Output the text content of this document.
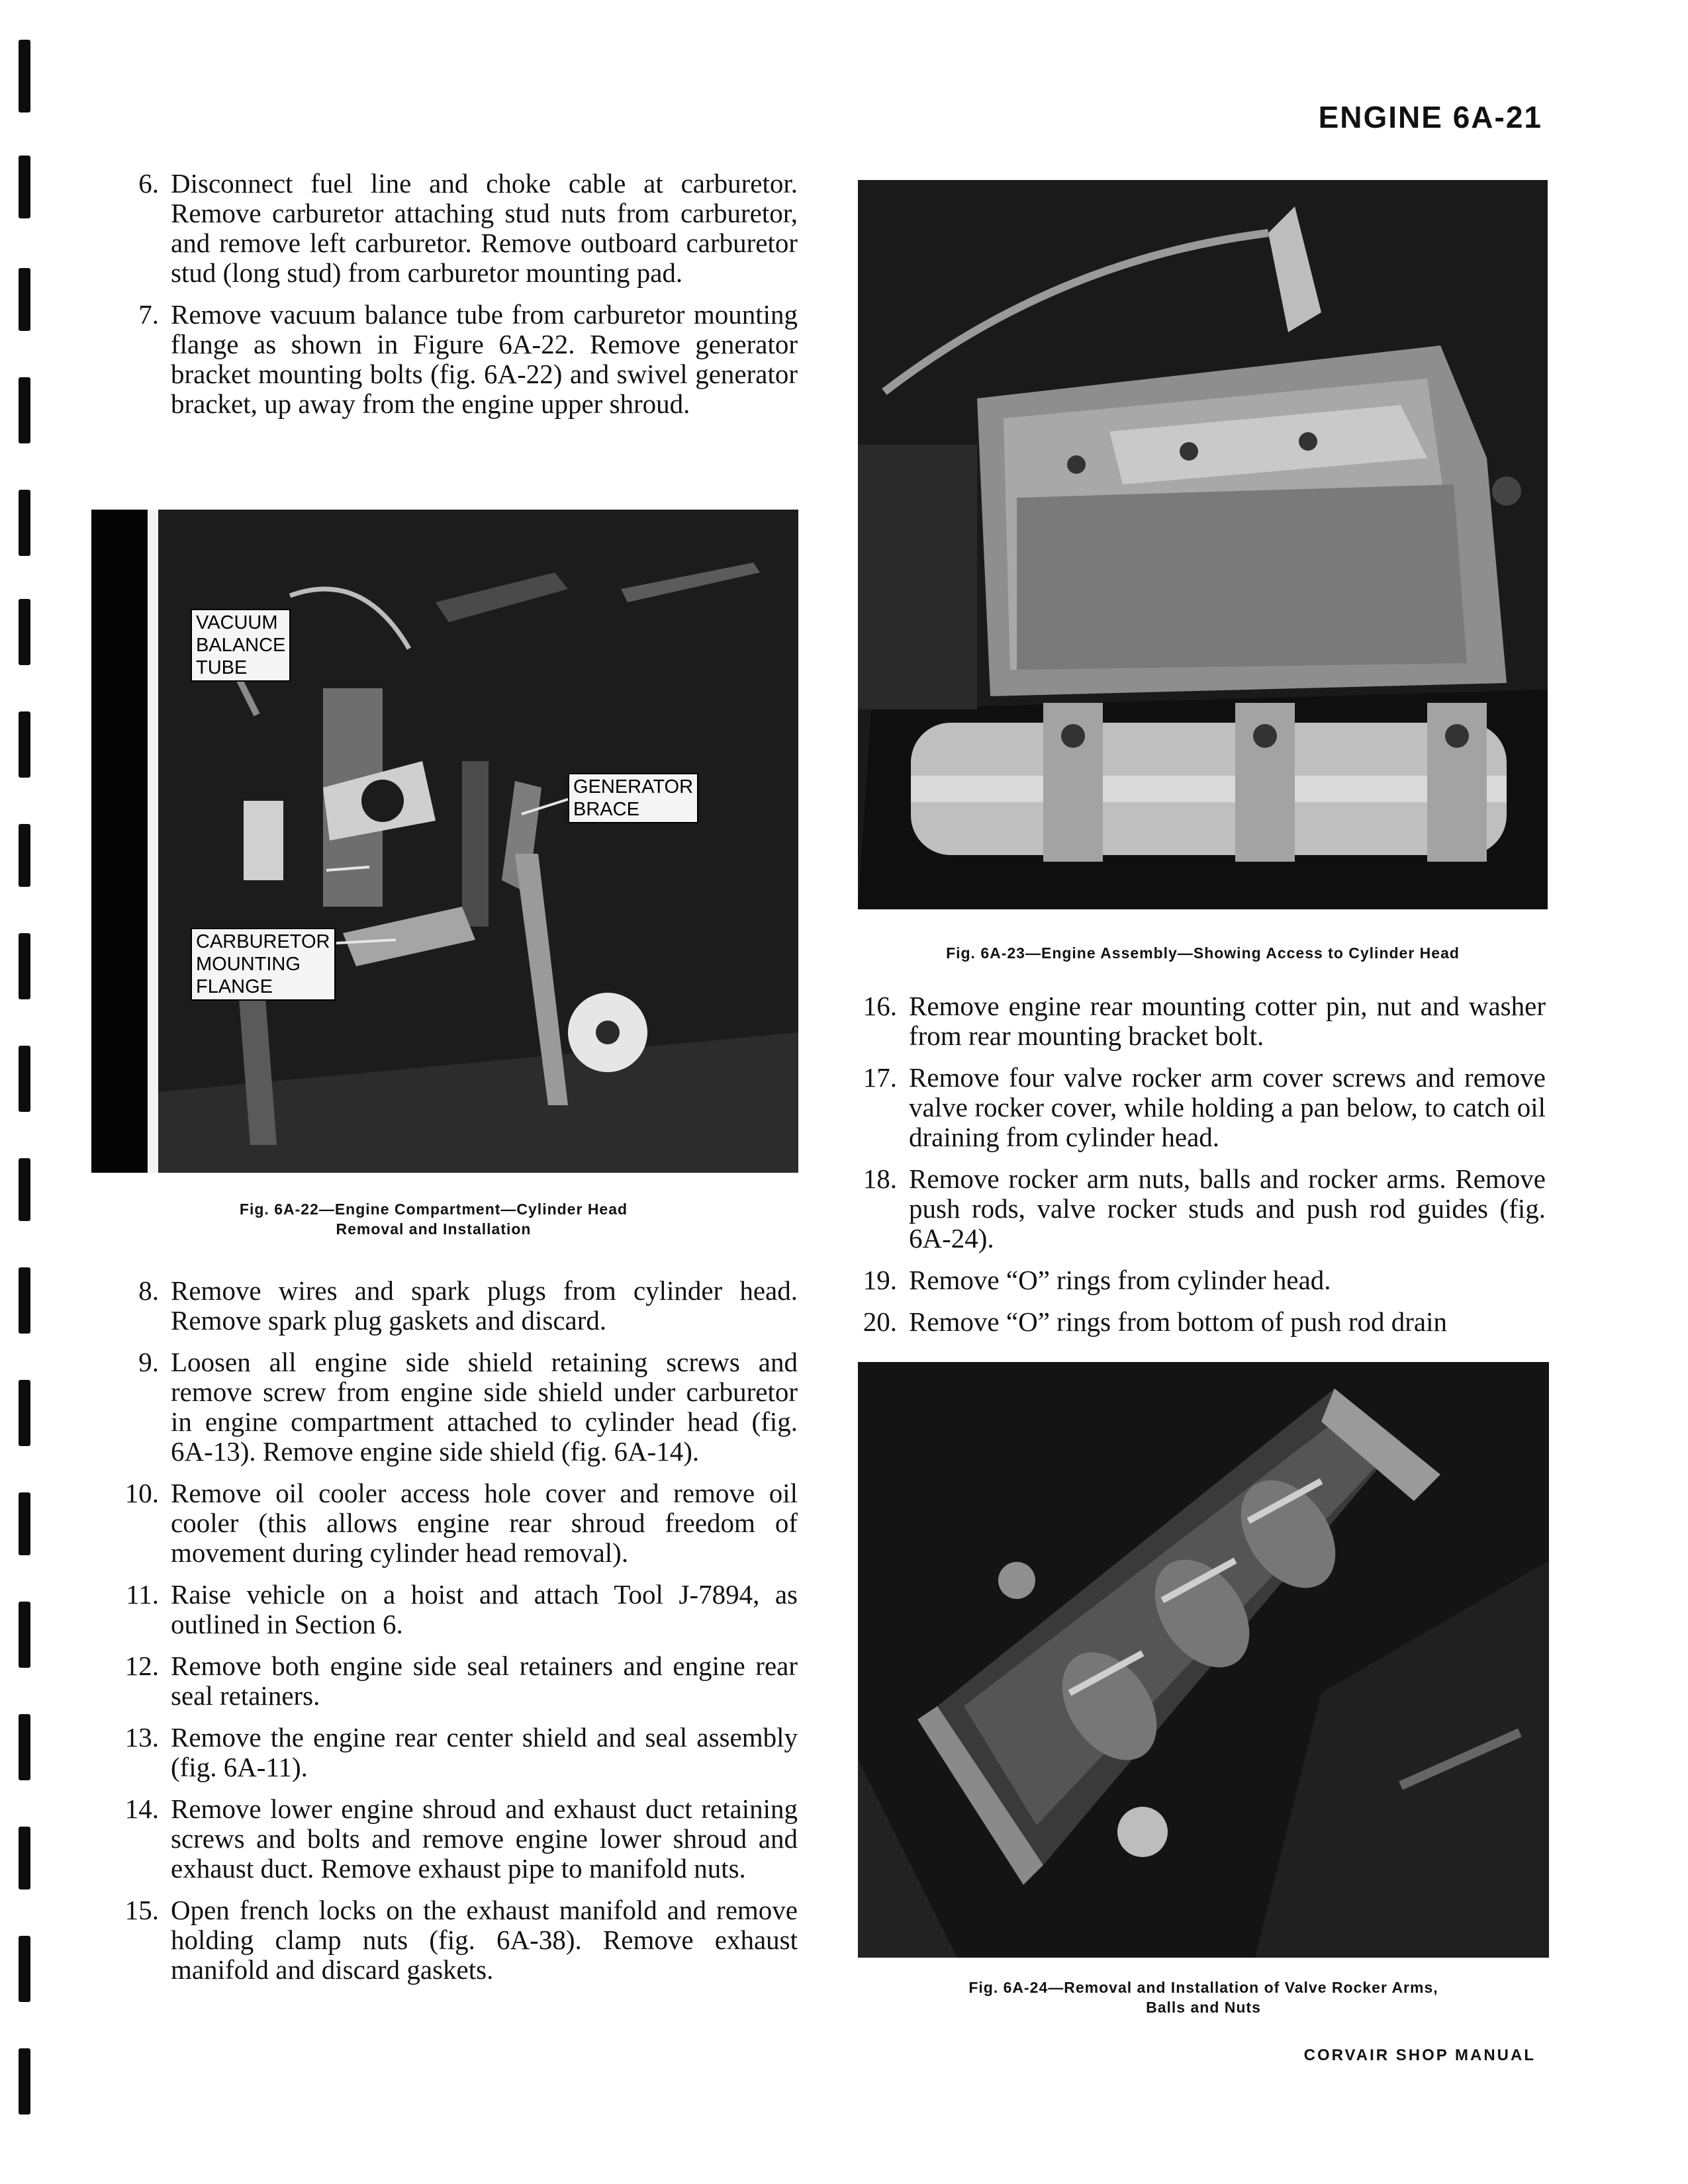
ENGINE 6A-21
6. Disconnect fuel line and choke cable at carburetor. Remove carburetor attaching stud nuts from carburetor, and remove left carburetor. Remove outboard carburetor stud (long stud) from carburetor mounting pad.
7. Remove vacuum balance tube from carburetor mounting flange as shown in Figure 6A-22. Remove generator bracket mounting bolts (fig. 6A-22) and swivel generator bracket, up away from the engine upper shroud.
VACUUM
BALANCE
TUBE
GENERATOR
BRACE
CARBURETOR
MOUNTING
FLANGE
Fig. 6A-22—Engine Compartment—Cylinder Head
Removal and Installation
8. Remove wires and spark plugs from cylinder head. Remove spark plug gaskets and discard.
9. Loosen all engine side shield retaining screws and remove screw from engine side shield under carburetor in engine compartment attached to cylinder head (fig. 6A-13). Remove engine side shield (fig. 6A-14).
10. Remove oil cooler access hole cover and remove oil cooler (this allows engine rear shroud freedom of movement during cylinder head removal).
11. Raise vehicle on a hoist and attach Tool J-7894, as outlined in Section 6.
12. Remove both engine side seal retainers and engine rear seal retainers.
13. Remove the engine rear center shield and seal assembly (fig. 6A-11).
14. Remove lower engine shroud and exhaust duct retaining screws and bolts and remove engine lower shroud and exhaust duct. Remove exhaust pipe to manifold nuts.
15. Open french locks on the exhaust manifold and remove holding clamp nuts (fig. 6A-38). Remove exhaust manifold and discard gaskets.
Fig. 6A-23—Engine Assembly—Showing Access to Cylinder Head
16. Remove engine rear mounting cotter pin, nut and washer from rear mounting bracket bolt.
17. Remove four valve rocker arm cover screws and remove valve rocker cover, while holding a pan below, to catch oil draining from cylinder head.
18. Remove rocker arm nuts, balls and rocker arms. Remove push rods, valve rocker studs and push rod guides (fig. 6A-24).
19. Remove “O” rings from cylinder head.
20. Remove “O” rings from bottom of push rod drain
Fig. 6A-24—Removal and Installation of Valve Rocker Arms,
Balls and Nuts
CORVAIR SHOP MANUAL
